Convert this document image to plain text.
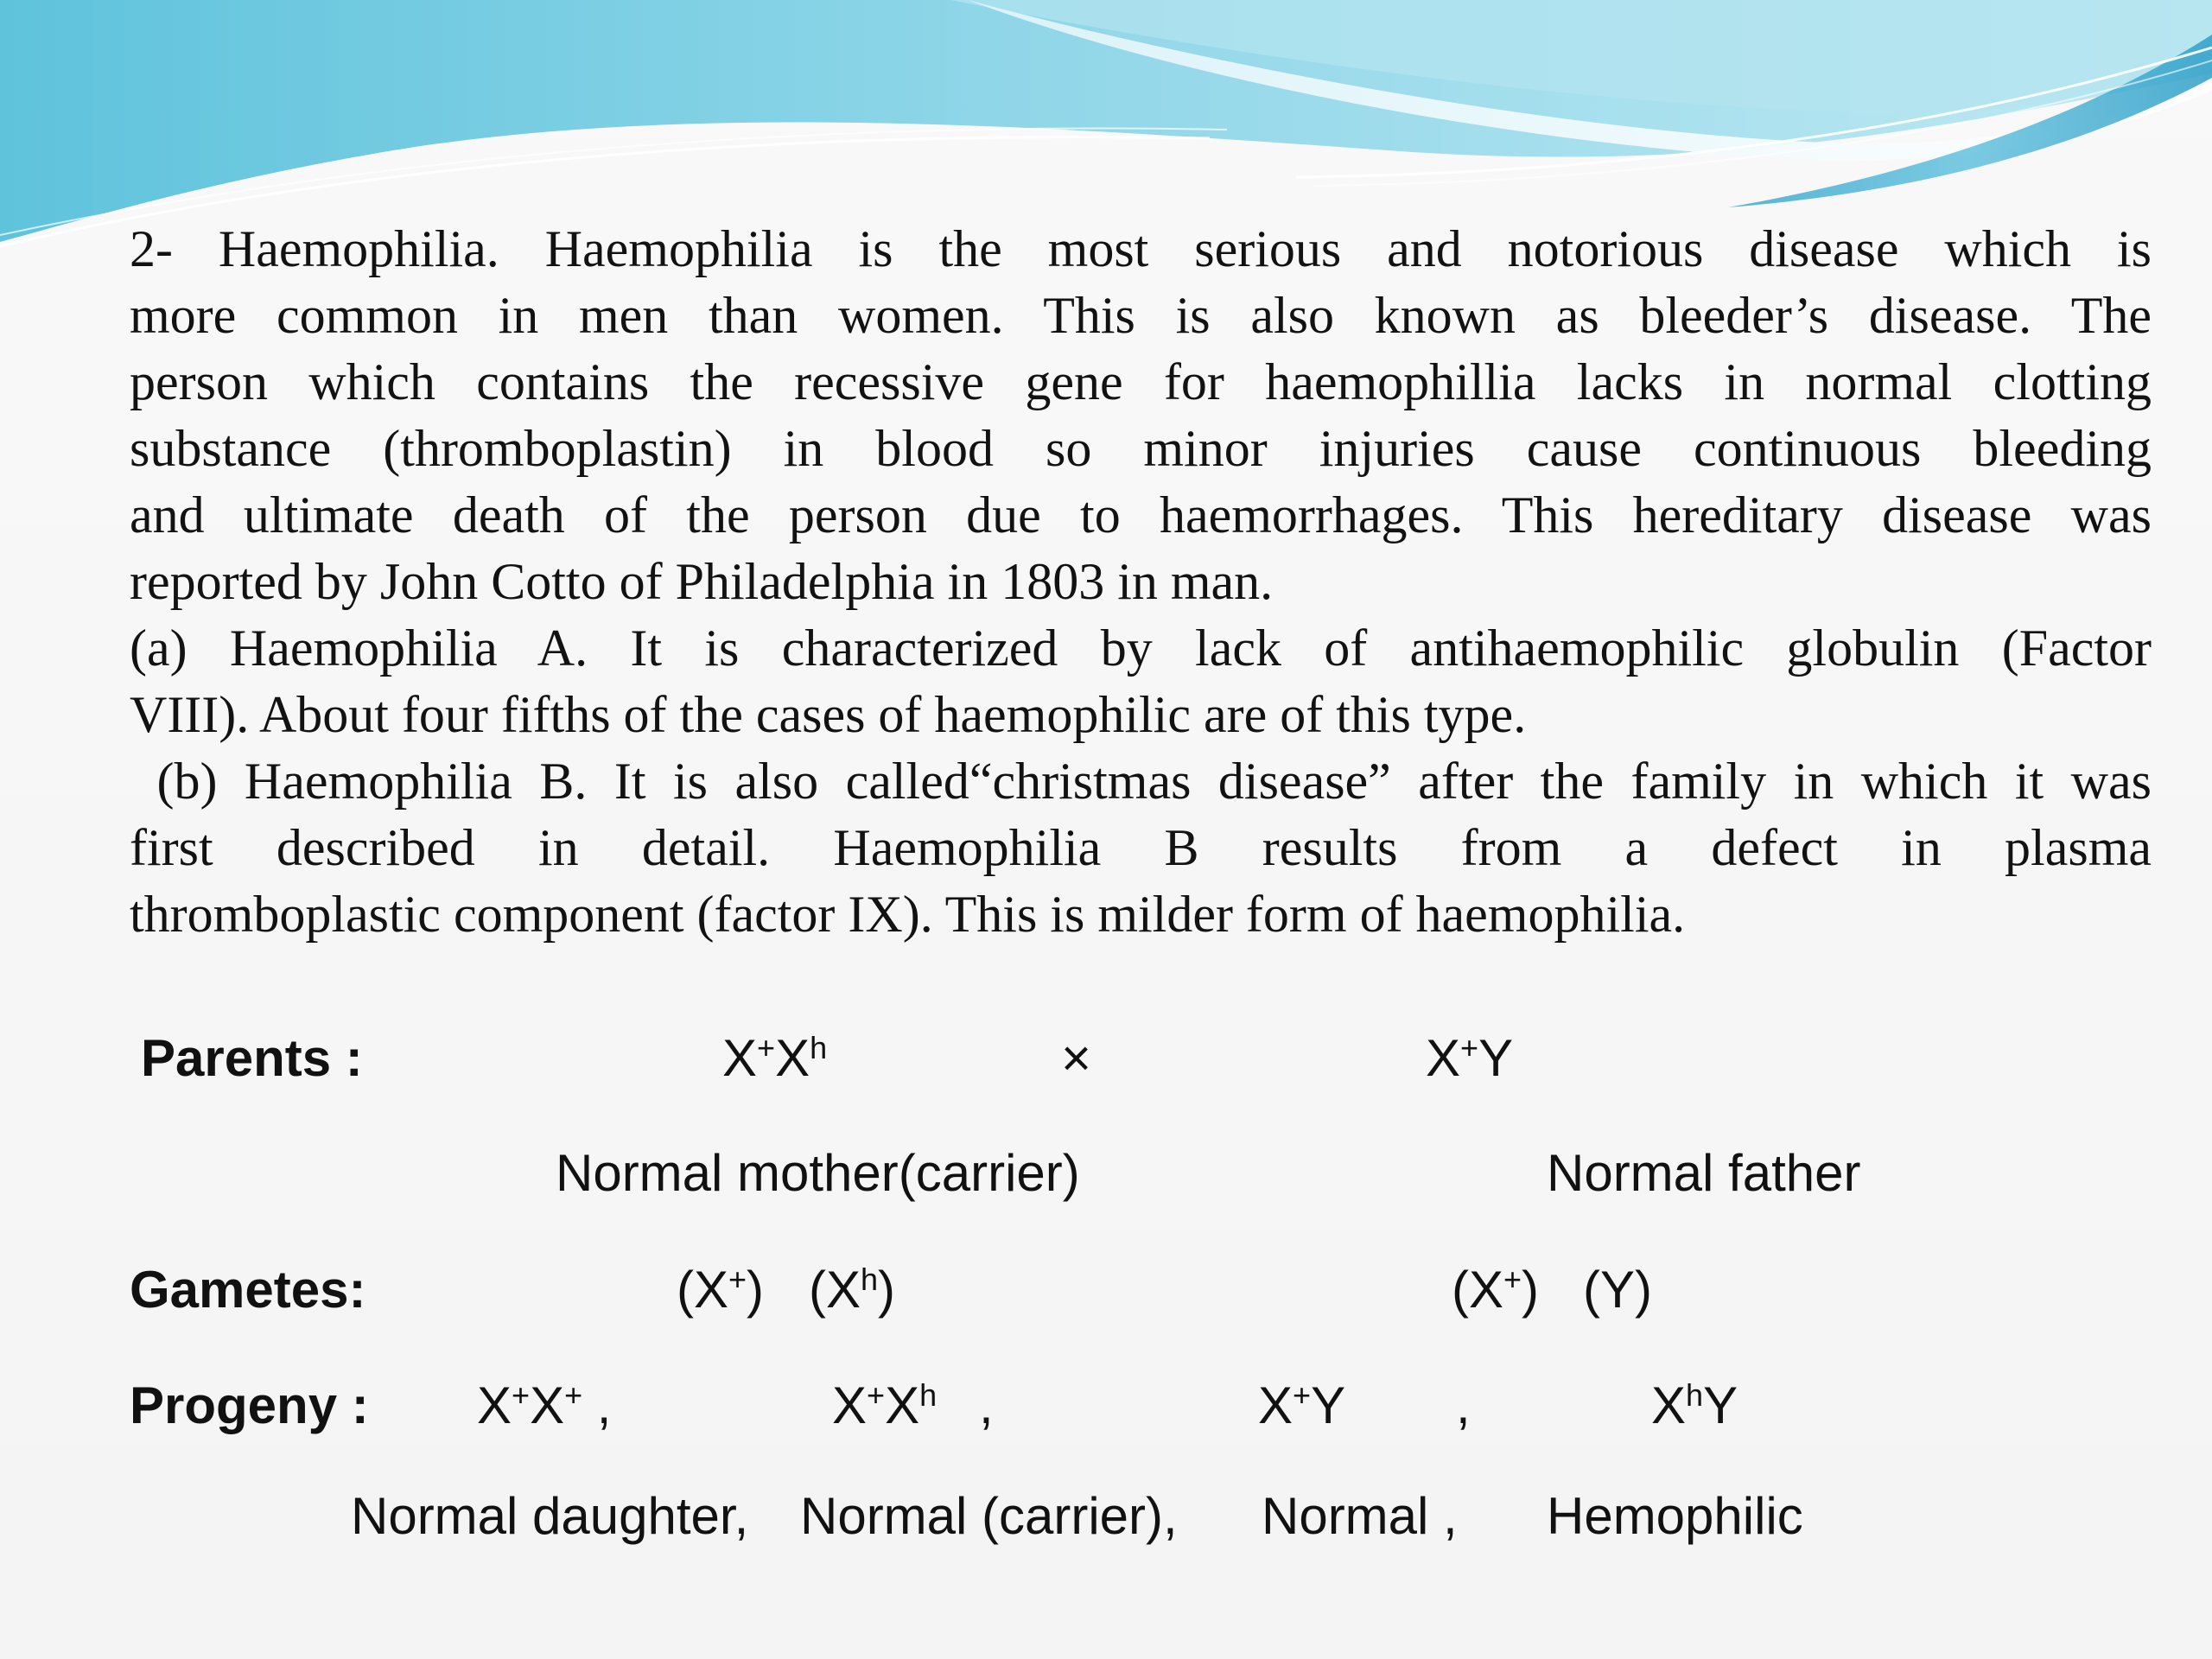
2- Haemophilia. Haemophilia is the most serious and notorious disease which is
more common in men than women. This is also known as bleeder’s disease. The
person which contains the recessive gene for haemophillia lacks in normal clotting
substance (thromboplastin) in blood so minor injuries cause continuous bleeding
and ultimate death of the person due to haemorrhages. This hereditary disease was
reported by John Cotto of Philadelphia in 1803 in man.
(a) Haemophilia A. It is characterized by lack of antihaemophilic globulin (Factor
VIII). About four fifths of the cases of haemophilic are of this type.
(b) Haemophilia B. It is also called“christmas disease” after the family in which it was
first described in detail. Haemophilia B results from a defect in plasma
thromboplastic component (factor IX). This is milder form of haemophilia.
Parents :	$X^+X^h$	×	X+Y
Normal mother(carrier)	Normal father
Gametes:	(X+) $(X^h)$	(X+) (Y)
Progeny : X+X+ ,	$X^+X^h$ ,	X+Y ,	$X^hY$
Normal daughter, Normal (carrier), Normal , Hemophilic
